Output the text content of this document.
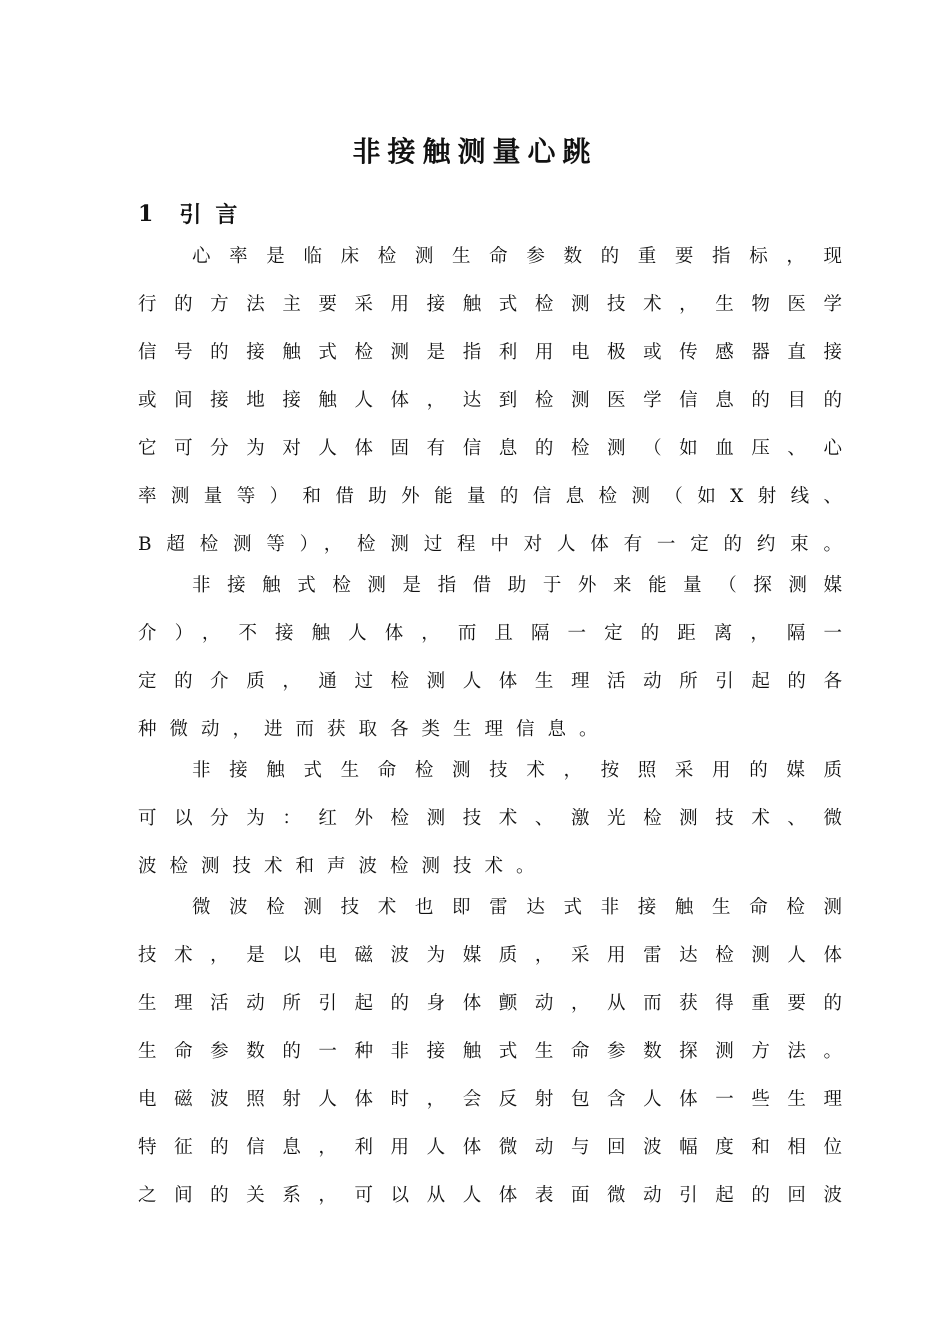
非接触测量心跳
1 引言

心率是临床检测生命参数的重要指标，现

行的方法主要采用接触式检测技术，生物医学

信号的接触式检测是指利用电极或传感器直接

或间接地接触人体，达到检测医学信息的目的

它可分为对人体固有信息的检测（如血压、心

率测量等）和借助外能量的信息检测（如X射线、

B超检测等），检测过程中对人体有一定的约束。

非接触式检测是指借助于外来能量（探测媒

介），不接触人体，而且隔一定的距离，隔一

定的介质，通过检测人体生理活动所引起的各

种微动，进而获取各类生理信息。

非接触式生命检测技术，按照采用的媒质

可以分为：红外检测技术、激光检测技术、微

波检测技术和声波检测技术。

微波检测技术也即雷达式非接触生命检测

技术，是以电磁波为媒质，采用雷达检测人体

生理活动所引起的身体颤动，从而获得重要的

生命参数的一种非接触式生命参数探测方法。

电磁波照射人体时，会反射包含人体一些生理

特征的信息，利用人体微动与回波幅度和相位

之间的关系，可以从人体表面微动引起的回波
